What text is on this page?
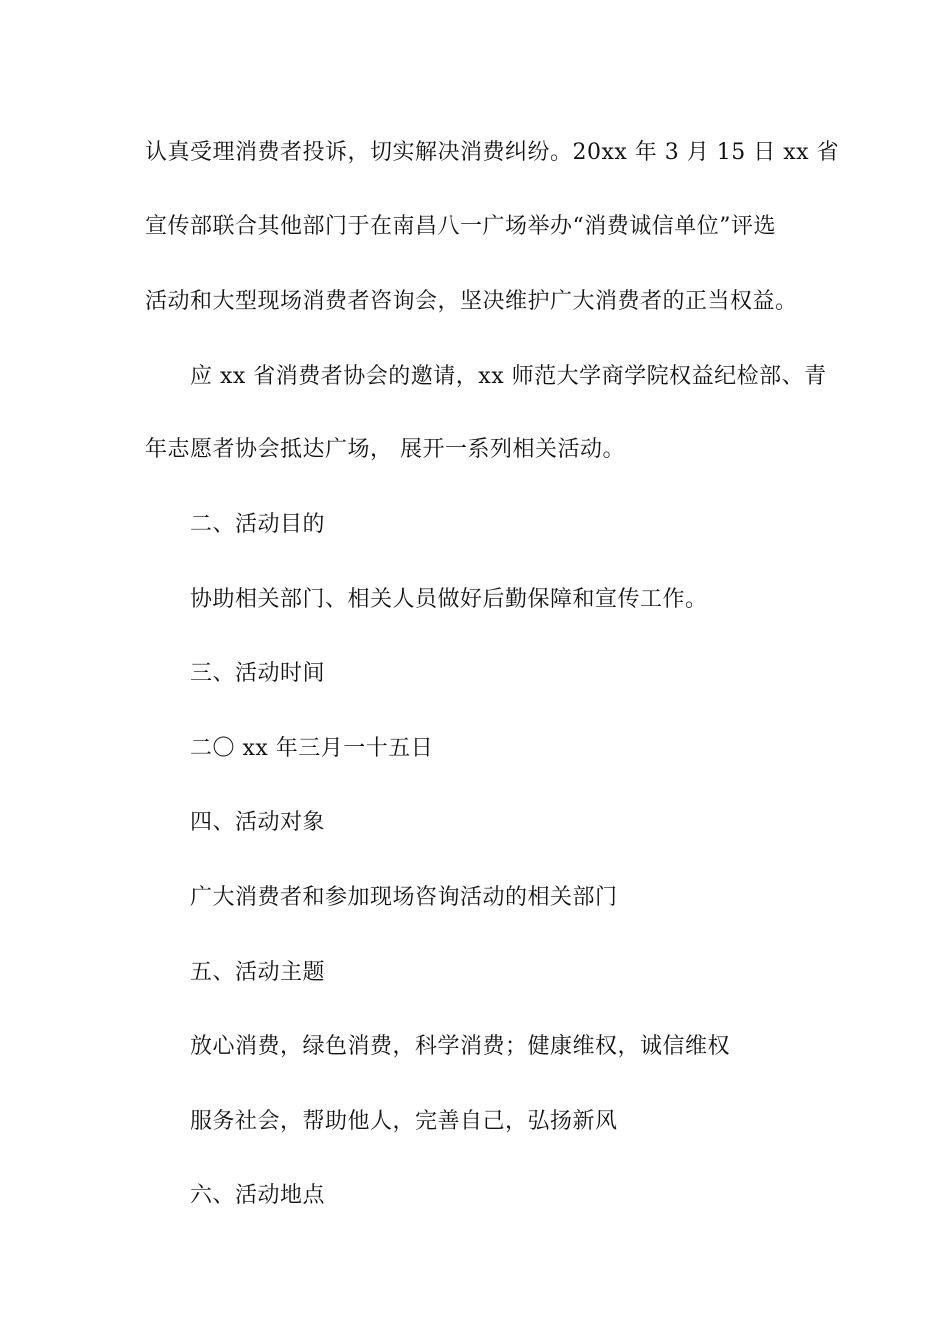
认真受理消费者投诉，切实解决消费纠纷。20xx 年 3 月 15 日 xx 省
宣传部联合其他部门于在南昌八一广场举办“消费诚信单位”评选
活动和大型现场消费者咨询会，坚决维护广大消费者的正当权益。
应 xx 省消费者协会的邀请，xx 师范大学商学院权益纪检部、青
年志愿者协会抵达广场， 展开一系列相关活动。
二、活动目的
协助相关部门、相关人员做好后勤保障和宣传工作。
三、活动时间
二〇 xx 年三月一十五日
四、活动对象
广大消费者和参加现场咨询活动的相关部门
五、活动主题
放心消费，绿色消费，科学消费；健康维权，诚信维权
服务社会，帮助他人，完善自己，弘扬新风
六、活动地点
